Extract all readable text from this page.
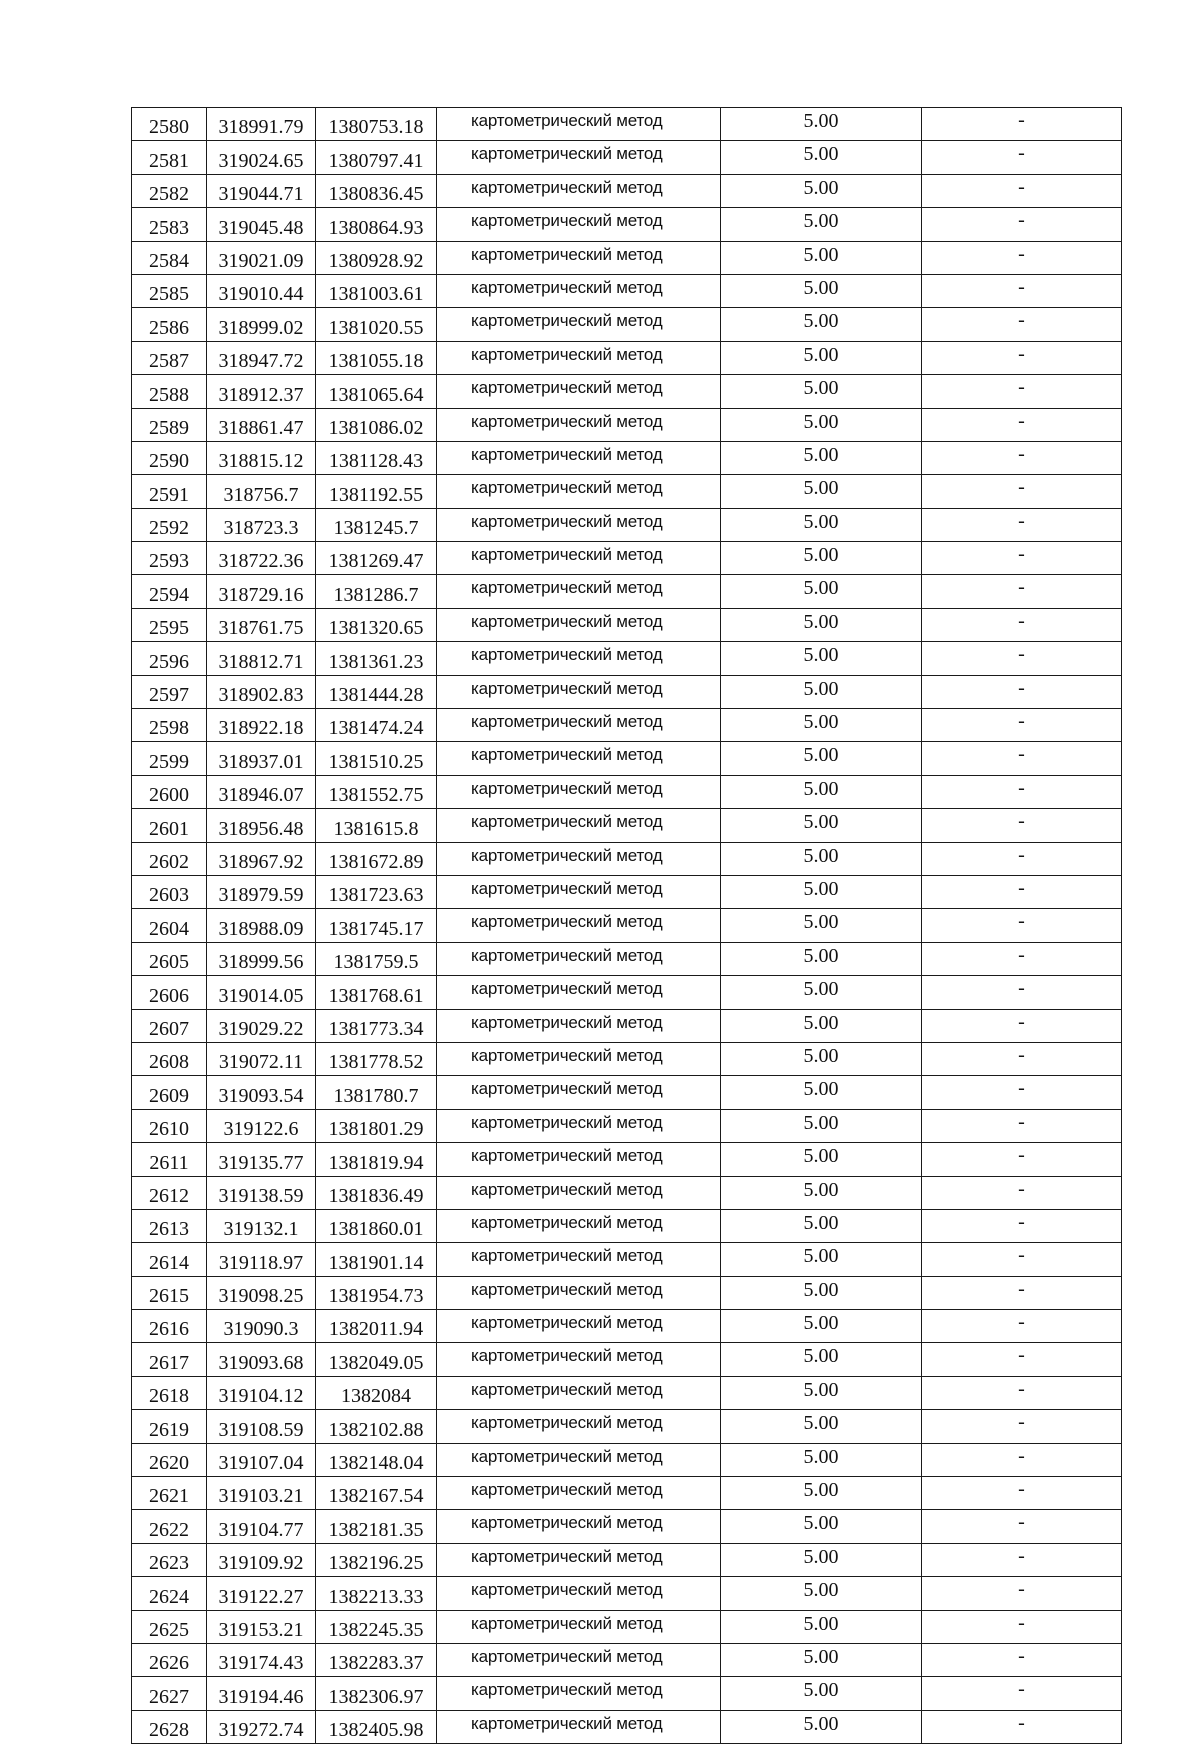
2580	318991.79	1380753.18	картометрический метод	5.00	-
2581	319024.65	1380797.41	картометрический метод	5.00	-
2582	319044.71	1380836.45	картометрический метод	5.00	-
2583	319045.48	1380864.93	картометрический метод	5.00	-
2584	319021.09	1380928.92	картометрический метод	5.00	-
2585	319010.44	1381003.61	картометрический метод	5.00	-
2586	318999.02	1381020.55	картометрический метод	5.00	-
2587	318947.72	1381055.18	картометрический метод	5.00	-
2588	318912.37	1381065.64	картометрический метод	5.00	-
2589	318861.47	1381086.02	картометрический метод	5.00	-
2590	318815.12	1381128.43	картометрический метод	5.00	-
2591	318756.7	1381192.55	картометрический метод	5.00	-
2592	318723.3	1381245.7	картометрический метод	5.00	-
2593	318722.36	1381269.47	картометрический метод	5.00	-
2594	318729.16	1381286.7	картометрический метод	5.00	-
2595	318761.75	1381320.65	картометрический метод	5.00	-
2596	318812.71	1381361.23	картометрический метод	5.00	-
2597	318902.83	1381444.28	картометрический метод	5.00	-
2598	318922.18	1381474.24	картометрический метод	5.00	-
2599	318937.01	1381510.25	картометрический метод	5.00	-
2600	318946.07	1381552.75	картометрический метод	5.00	-
2601	318956.48	1381615.8	картометрический метод	5.00	-
2602	318967.92	1381672.89	картометрический метод	5.00	-
2603	318979.59	1381723.63	картометрический метод	5.00	-
2604	318988.09	1381745.17	картометрический метод	5.00	-
2605	318999.56	1381759.5	картометрический метод	5.00	-
2606	319014.05	1381768.61	картометрический метод	5.00	-
2607	319029.22	1381773.34	картометрический метод	5.00	-
2608	319072.11	1381778.52	картометрический метод	5.00	-
2609	319093.54	1381780.7	картометрический метод	5.00	-
2610	319122.6	1381801.29	картометрический метод	5.00	-
2611	319135.77	1381819.94	картометрический метод	5.00	-
2612	319138.59	1381836.49	картометрический метод	5.00	-
2613	319132.1	1381860.01	картометрический метод	5.00	-
2614	319118.97	1381901.14	картометрический метод	5.00	-
2615	319098.25	1381954.73	картометрический метод	5.00	-
2616	319090.3	1382011.94	картометрический метод	5.00	-
2617	319093.68	1382049.05	картометрический метод	5.00	-
2618	319104.12	1382084	картометрический метод	5.00	-
2619	319108.59	1382102.88	картометрический метод	5.00	-
2620	319107.04	1382148.04	картометрический метод	5.00	-
2621	319103.21	1382167.54	картометрический метод	5.00	-
2622	319104.77	1382181.35	картометрический метод	5.00	-
2623	319109.92	1382196.25	картометрический метод	5.00	-
2624	319122.27	1382213.33	картометрический метод	5.00	-
2625	319153.21	1382245.35	картометрический метод	5.00	-
2626	319174.43	1382283.37	картометрический метод	5.00	-
2627	319194.46	1382306.97	картометрический метод	5.00	-
2628	319272.74	1382405.98	картометрический метод	5.00	-
